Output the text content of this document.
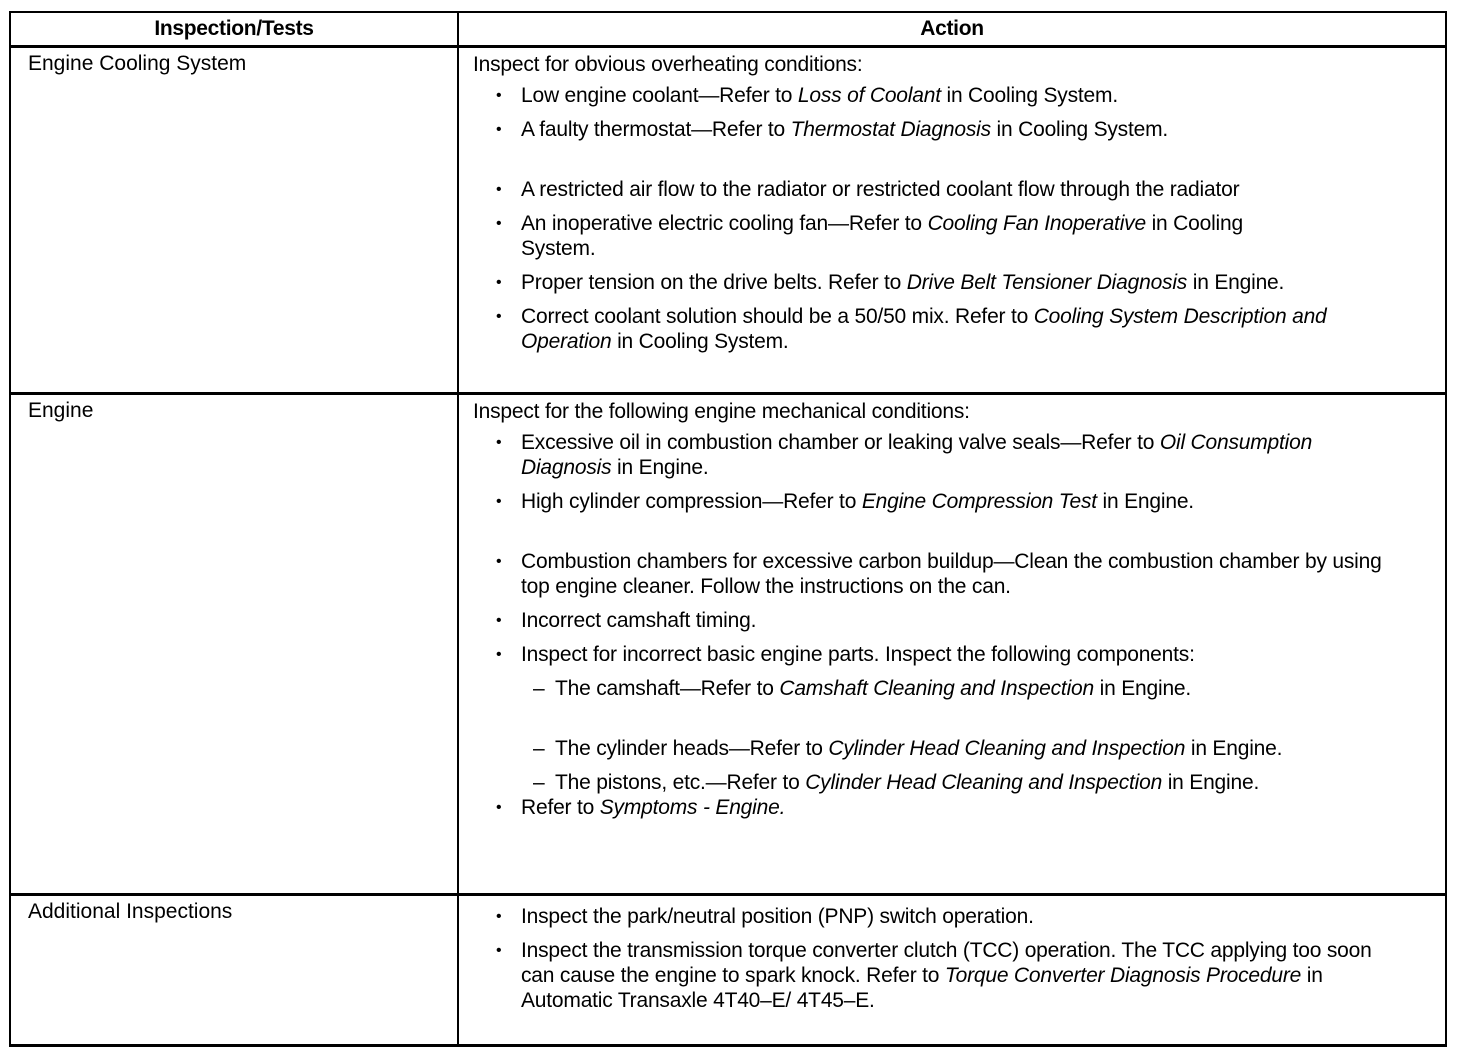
Inspection/Tests	Action
Engine Cooling System	Inspect for obvious overheating conditions:
• Low engine coolant—Refer to Loss of Coolant in Cooling System.
• A faulty thermostat—Refer to Thermostat Diagnosis in Cooling System.
• A restricted air flow to the radiator or restricted coolant flow through the radiator
• An inoperative electric cooling fan—Refer to Cooling Fan Inoperative in Cooling System.
• Proper tension on the drive belts. Refer to Drive Belt Tensioner Diagnosis in Engine.
• Correct coolant solution should be a 50/50 mix. Refer to Cooling System Description and Operation in Cooling System.

Engine	Inspect for the following engine mechanical conditions:
• Excessive oil in combustion chamber or leaking valve seals—Refer to Oil Consumption Diagnosis in Engine.
• High cylinder compression—Refer to Engine Compression Test in Engine.
• Combustion chambers for excessive carbon buildup—Clean the combustion chamber by using top engine cleaner. Follow the instructions on the can.
• Incorrect camshaft timing.
• Inspect for incorrect basic engine parts. Inspect the following components:
– The camshaft—Refer to Camshaft Cleaning and Inspection in Engine.
– The cylinder heads—Refer to Cylinder Head Cleaning and Inspection in Engine.
– The pistons, etc.—Refer to Cylinder Head Cleaning and Inspection in Engine.
• Refer to Symptoms - Engine.

Additional Inspections	• Inspect the park/neutral position (PNP) switch operation.
• Inspect the transmission torque converter clutch (TCC) operation. The TCC applying too soon can cause the engine to spark knock. Refer to Torque Converter Diagnosis Procedure in Automatic Transaxle 4T40–E/ 4T45–E.
